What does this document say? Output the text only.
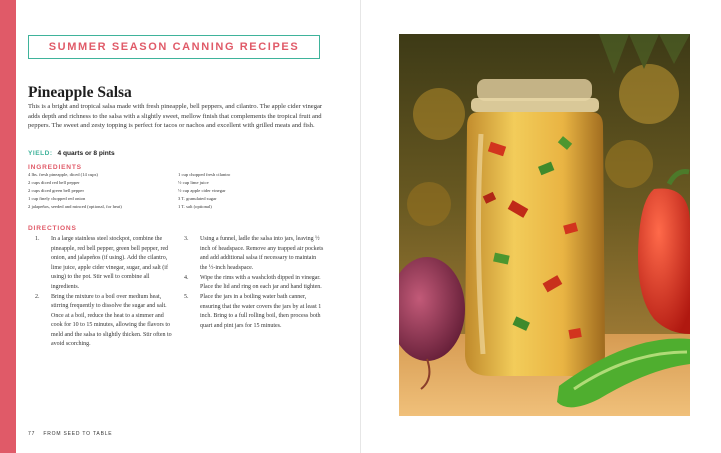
SUMMER SEASON CANNING RECIPES
Pineapple Salsa

This is a bright and tropical salsa made with fresh pineapple, bell peppers, and cilantro. The apple cider vinegar adds depth and richness to the salsa with a slightly sweet, mellow finish that complements the tropical fruit and peppers. The sweet and zesty topping is perfect for tacos or nachos and excellent with grilled meats and fish.

YIELD: 4 quarts or 8 pints
INGREDIENTS
4 lbs. fresh pineapple, diced (14 cups)
2 cups diced red bell pepper
2 cups diced green bell pepper
1 cup finely chopped red onion
2 jalapeños, seeded and minced (optional, for heat)
1 cup chopped fresh cilantro
½ cup lime juice
½ cup apple cider vinegar
3 T. granulated sugar
1 T. salt (optional)
DIRECTIONS
1.	In a large stainless steel stockpot, combine the pineapple, red bell pepper, green bell pepper, red onion, and jalapeños (if using). Add the cilantro, lime juice, apple cider vinegar, sugar, and salt (if using) to the pot. Stir well to combine all ingredients.
2.	Bring the mixture to a boil over medium heat, stirring frequently to dissolve the sugar and salt. Once at a boil, reduce the heat to a simmer and cook for 10 to 15 minutes, allowing the flavors to meld and the salsa to slightly thicken. Stir often to avoid scorching.
3.	Using a funnel, ladle the salsa into jars, leaving ½ inch of headspace. Remove any trapped air pockets and add additional salsa if necessary to maintain the ½-inch headspace.
4.	Wipe the rims with a washcloth dipped in vinegar. Place the lid and ring on each jar and hand tighten.
5.	Place the jars in a boiling water bath canner, ensuring that the water covers the jars by at least 1 inch. Bring to a full rolling boil, then process both quart and pint jars for 15 minutes.
77 FROM SEED TO TABLE
